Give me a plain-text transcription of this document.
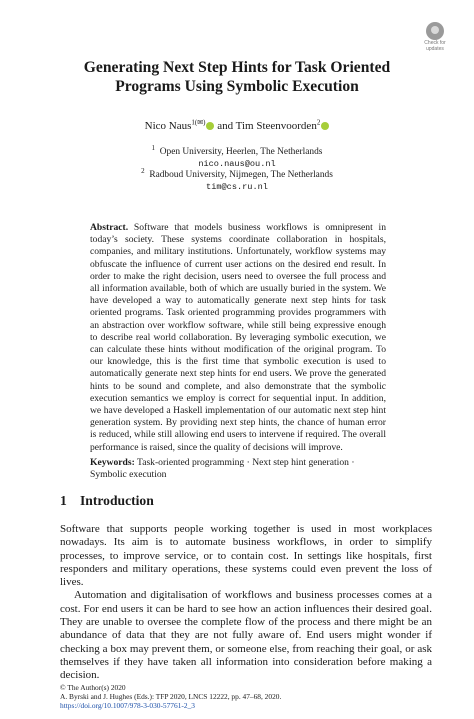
Check for
updates
Generating Next Step Hints for Task Oriented Programs Using Symbolic Execution
Nico Naus$^{1(✉)}$ and Tim Steenvoorden$^2$
$^1$ Open University, Heerlen, The Netherlands
nico.naus@ou.nl
$^2$ Radboud University, Nijmegen, The Netherlands
tim@cs.ru.nl
Abstract. Software that models business workflows is omnipresent in today’s society. These systems coordinate collaboration in hospitals, companies, and military institutions. Unfortunately, workflow systems may obfuscate the influence of current user actions on the desired end result. In order to make the right decision, users need to oversee the full process and all information available, both of which are usually buried in the system. We have developed a way to automatically generate next step hints for task oriented programs. Task oriented programming provides programmers with an abstraction over workflow software, while still being expressive enough to describe real world collaboration. By leveraging symbolic execution, we can calculate these hints without modification of the original program. To our knowledge, this is the first time that symbolic execution is used to automatically generate next step hints for end users. We prove the generated hints to be sound and complete, and also demonstrate that the symbolic execution semantics we employ is correct for sequential input. In addition, we have developed a Haskell implementation of our automatic next step hint generation system. By providing next step hints, the chance of human error is reduced, while still allowing end users to intervene if required. The overall performance is raised, since the quality of decisions will improve.
Keywords: Task-oriented programming · Next step hint generation · Symbolic execution
1 Introduction

Software that supports people working together is used in most workplaces nowadays. Its aim is to automate business workflows, in order to simplify processes, to improve service, or to contain cost. In settings like hospitals, first responders and military operations, these systems could even prevent the loss of lives.

Automation and digitalisation of workflows and business processes comes at a cost. For end users it can be hard to see how an action influences their desired goal. They are unable to oversee the complete flow of the process and there might be an abundance of data that they are not fully aware of. End users might wonder if checking a box may prevent them, or someone else, from reaching their goal, or ask themselves if they have taken all information into consideration before making a decision.

© The Author(s) 2020
A. Byrski and J. Hughes (Eds.): TFP 2020, LNCS 12222, pp. 47–68, 2020.
https://doi.org/10.1007/978-3-030-57761-2_3
